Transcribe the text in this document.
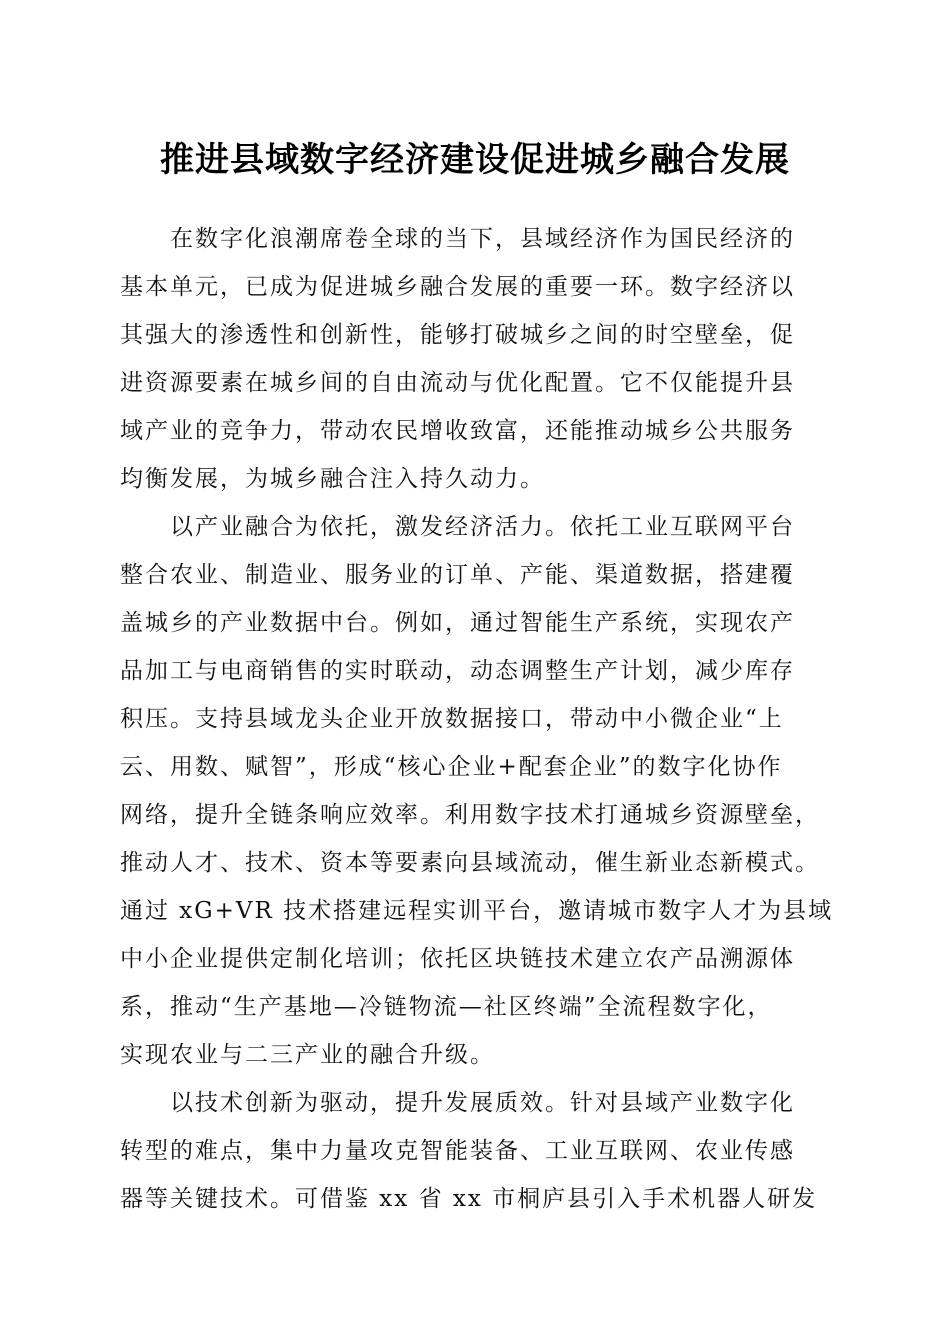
推进县域数字经济建设促进城乡融合发展
在数字化浪潮席卷全球的当下，县域经济作为国民经济的
基本单元，已成为促进城乡融合发展的重要一环。数字经济以
其强大的渗透性和创新性，能够打破城乡之间的时空壁垒，促
进资源要素在城乡间的自由流动与优化配置。它不仅能提升县
域产业的竞争力，带动农民增收致富，还能推动城乡公共服务
均衡发展，为城乡融合注入持久动力。
以产业融合为依托，激发经济活力。依托工业互联网平台
整合农业、制造业、服务业的订单、产能、渠道数据，搭建覆
盖城乡的产业数据中台。例如，通过智能生产系统，实现农产
品加工与电商销售的实时联动，动态调整生产计划，减少库存
积压。支持县域龙头企业开放数据接口，带动中小微企业“上
云、用数、赋智”，形成“核心企业+配套企业”的数字化协作
网络，提升全链条响应效率。利用数字技术打通城乡资源壁垒，
推动人才、技术、资本等要素向县域流动，催生新业态新模式。
通过 xG+VR 技术搭建远程实训平台，邀请城市数字人才为县域
中小企业提供定制化培训；依托区块链技术建立农产品溯源体
系，推动“生产基地—冷链物流—社区终端”全流程数字化，
实现农业与二三产业的融合升级。
以技术创新为驱动，提升发展质效。针对县域产业数字化
转型的难点，集中力量攻克智能装备、工业互联网、农业传感
器等关键技术。可借鉴 xx 省 xx 市桐庐县引入手术机器人研发
